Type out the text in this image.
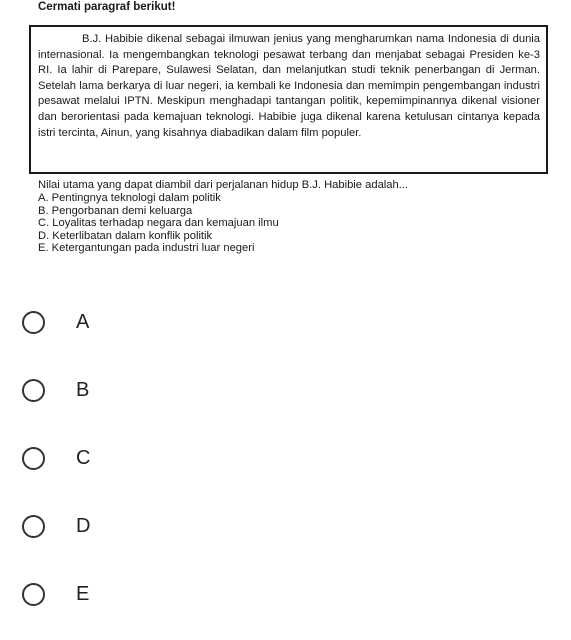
Cermati paragraf berikut!

B.J. Habibie dikenal sebagai ilmuwan jenius yang mengharumkan nama Indonesia di dunia internasional. Ia mengembangkan teknologi pesawat terbang dan menjabat sebagai Presiden ke-3 RI. Ia lahir di Parepare, Sulawesi Selatan, dan melanjutkan studi teknik penerbangan di Jerman. Setelah lama berkarya di luar negeri, ia kembali ke Indonesia dan memimpin pengembangan industri pesawat melalui IPTN. Meskipun menghadapi tantangan politik, kepemimpinannya dikenal visioner dan berorientasi pada kemajuan teknologi. Habibie juga dikenal karena ketulusan cintanya kepada istri tercinta, Ainun, yang kisahnya diabadikan dalam film populer.

Nilai utama yang dapat diambil dari perjalanan hidup B.J. Habibie adalah...

A. Pentingnya teknologi dalam politik

B. Pengorbanan demi keluarga

C. Loyalitas terhadap negara dan kemajuan ilmu

D. Keterlibatan dalam konflik politik

E. Ketergantungan pada industri luar negeri

A
B
C
D
E
